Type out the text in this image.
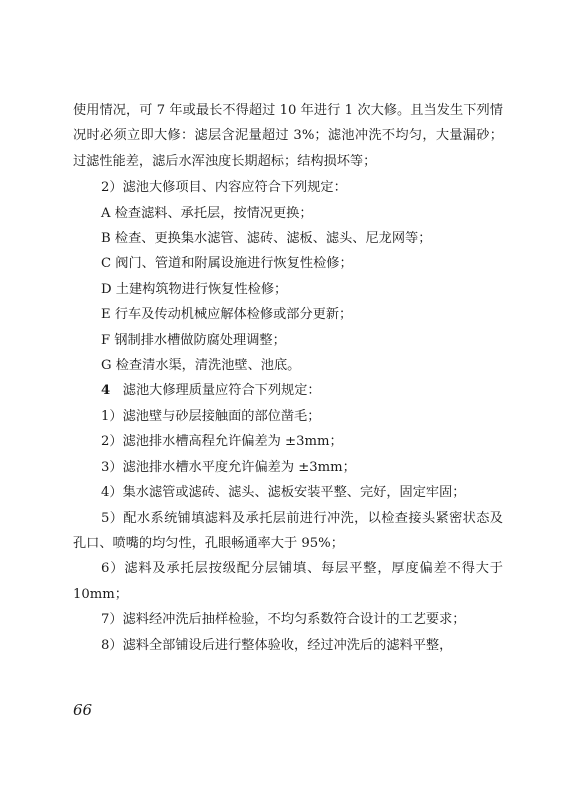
使用情况，可 7 年或最长不得超过 10 年进行 1 次大修。且当发生下列情况时必须立即大修：滤层含泥量超过 3%；滤池冲洗不均匀，大量漏砂；过滤性能差，滤后水浑浊度长期超标；结构损坏等；

2）滤池大修项目、内容应符合下列规定：

A 检查滤料、承托层，按情况更换；

B 检查、更换集水滤管、滤砖、滤板、滤头、尼龙网等；

C 阀门、管道和附属设施进行恢复性检修；

D 土建构筑物进行恢复性检修；

E 行车及传动机械应解体检修或部分更新；

F 钢制排水槽做防腐处理调整；

G 检查清水渠，清洗池壁、池底。

4 滤池大修理质量应符合下列规定：

1）滤池壁与砂层接触面的部位凿毛；

2）滤池排水槽高程允许偏差为 ±3mm；

3）滤池排水槽水平度允许偏差为 ±3mm；

4）集水滤管或滤砖、滤头、滤板安装平整、完好，固定牢固；

5）配水系统铺填滤料及承托层前进行冲洗，以检查接头紧密状态及孔口、喷嘴的均匀性，孔眼畅通率大于 95%；

6）滤料及承托层按级配分层铺填、每层平整，厚度偏差不得大于 10mm；

7）滤料经冲洗后抽样检验，不均匀系数符合设计的工艺要求；

8）滤料全部铺设后进行整体验收，经过冲洗后的滤料平整，

66
